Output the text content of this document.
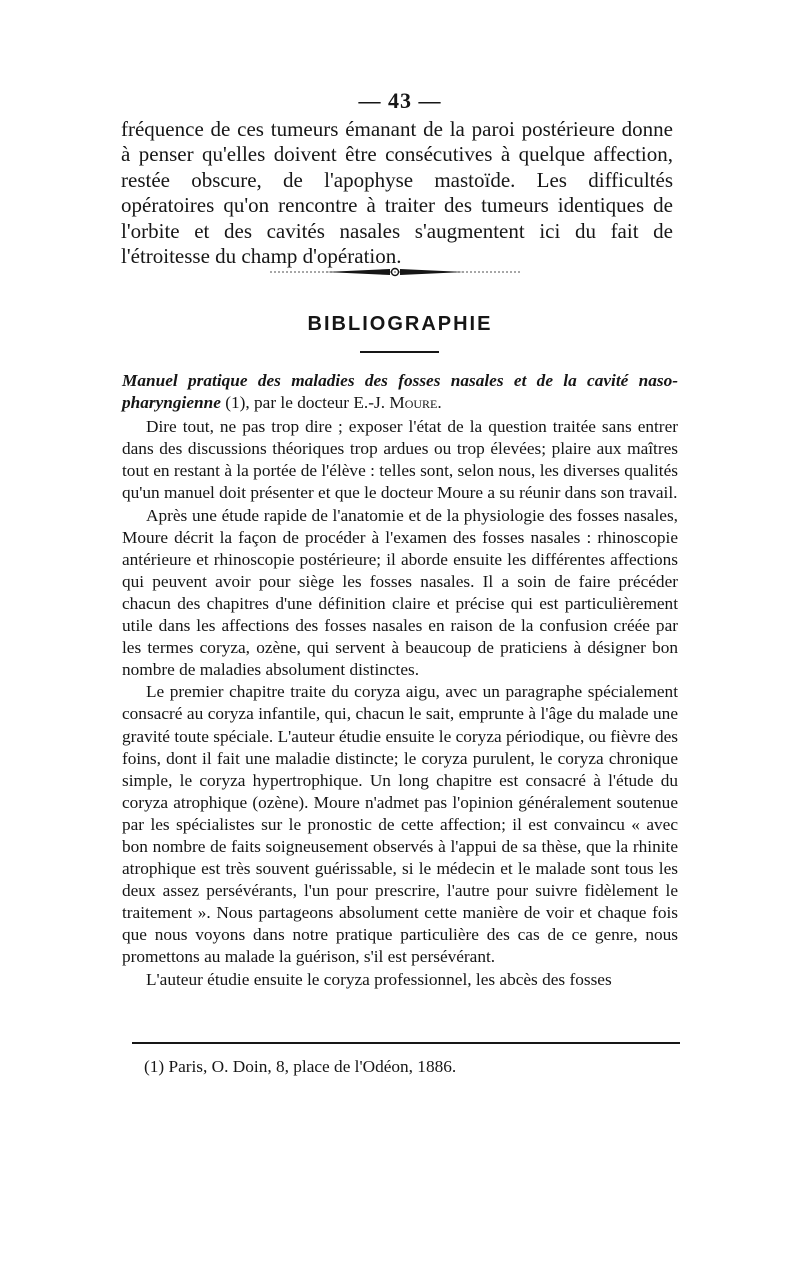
— 43 —

fréquence de ces tumeurs émanant de la paroi postérieure donne à penser qu'elles doivent être consécutives à quelque affection, restée obscure, de l'apophyse mastoïde. Les difficultés opératoires qu'on rencontre à traiter des tumeurs identiques de l'orbite et des cavités nasales s'augmentent ici du fait de l'étroitesse du champ d'opération.

BIBLIOGRAPHIE

Manuel pratique des maladies des fosses nasales et de la cavité naso-pharyngienne (1), par le docteur E.-J. Moure.

Dire tout, ne pas trop dire ; exposer l'état de la question traitée sans entrer dans des discussions théoriques trop ardues ou trop élevées; plaire aux maîtres tout en restant à la portée de l'élève : telles sont, selon nous, les diverses qualités qu'un manuel doit présenter et que le docteur Moure a su réunir dans son travail.

Après une étude rapide de l'anatomie et de la physiologie des fosses nasales, Moure décrit la façon de procéder à l'examen des fosses nasales : rhinoscopie antérieure et rhinoscopie postérieure; il aborde ensuite les différentes affections qui peuvent avoir pour siège les fosses nasales. Il a soin de faire précéder chacun des chapitres d'une définition claire et précise qui est particulièrement utile dans les affections des fosses nasales en raison de la confusion créée par les termes coryza, ozène, qui servent à beaucoup de praticiens à désigner bon nombre de maladies absolument distinctes.

Le premier chapitre traite du coryza aigu, avec un paragraphe spécialement consacré au coryza infantile, qui, chacun le sait, emprunte à l'âge du malade une gravité toute spéciale. L'auteur étudie ensuite le coryza périodique, ou fièvre des foins, dont il fait une maladie distincte; le coryza purulent, le coryza chronique simple, le coryza hypertrophique. Un long chapitre est consacré à l'étude du coryza atrophique (ozène). Moure n'admet pas l'opinion généralement soutenue par les spécialistes sur le pronostic de cette affection; il est convaincu « avec bon nombre de faits soigneusement observés à l'appui de sa thèse, que la rhinite atrophique est très souvent guérissable, si le médecin et le malade sont tous les deux assez persévérants, l'un pour prescrire, l'autre pour suivre fidèlement le traitement ». Nous partageons absolument cette manière de voir et chaque fois que nous voyons dans notre pratique particulière des cas de ce genre, nous promettons au malade la guérison, s'il est persévérant.

L'auteur étudie ensuite le coryza professionnel, les abcès des fosses

(1) Paris, O. Doin, 8, place de l'Odéon, 1886.
